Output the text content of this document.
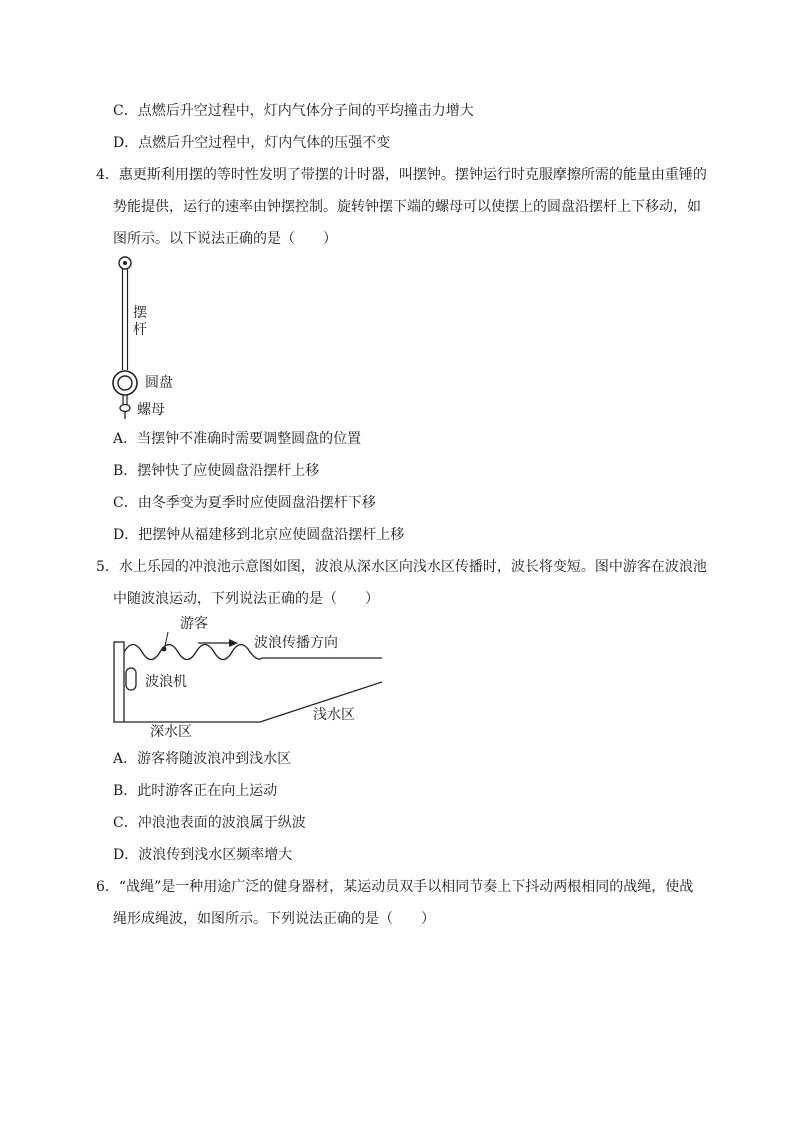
C．点燃后升空过程中，灯内气体分子间的平均撞击力增大
D．点燃后升空过程中，灯内气体的压强不变
4．惠更斯利用摆的等时性发明了带摆的计时器，叫摆钟。摆钟运行时克服摩擦所需的能量由重锤的
势能提供，运行的速率由钟摆控制。旋转钟摆下端的螺母可以使摆上的圆盘沿摆杆上下移动，如
图所示。以下说法正确的是（　　）
摆
杆
圆盘
螺母
A．当摆钟不准确时需要调整圆盘的位置
B．摆钟快了应使圆盘沿摆杆上移
C．由冬季变为夏季时应使圆盘沿摆杆下移
D．把摆钟从福建移到北京应使圆盘沿摆杆上移
5．水上乐园的冲浪池示意图如图，波浪从深水区向浅水区传播时，波长将变短。图中游客在波浪池
中随波浪运动，下列说法正确的是（　　）
游客
波浪传播方向
波浪机
深水区
浅水区
A．游客将随波浪冲到浅水区
B．此时游客正在向上运动
C．冲浪池表面的波浪属于纵波
D．波浪传到浅水区频率增大
6．“战绳”是一种用途广泛的健身器材，某运动员双手以相同节奏上下抖动两根相同的战绳，使战
绳形成绳波，如图所示。下列说法正确的是（　　）
